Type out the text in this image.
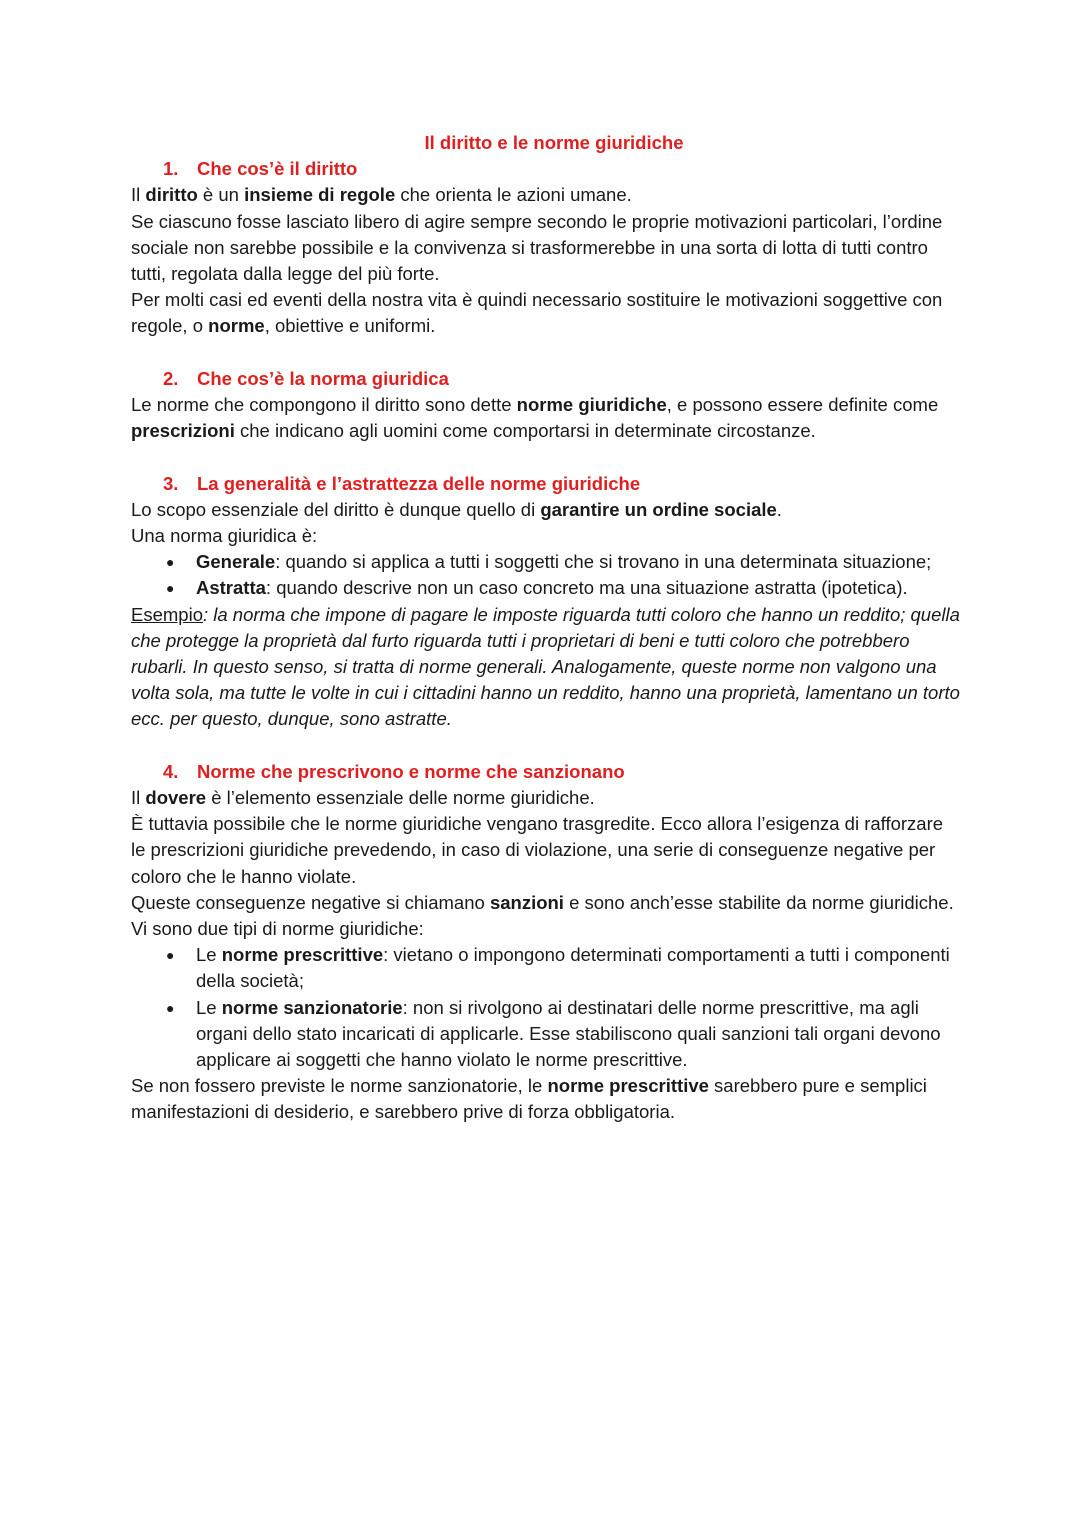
Il diritto e le norme giuridiche

1. Che cos’è il diritto

Il diritto è un insieme di regole che orienta le azioni umane.

Se ciascuno fosse lasciato libero di agire sempre secondo le proprie motivazioni particolari, l’ordine sociale non sarebbe possibile e la convivenza si trasformerebbe in una sorta di lotta di tutti contro tutti, regolata dalla legge del più forte.

Per molti casi ed eventi della nostra vita è quindi necessario sostituire le motivazioni soggettive con regole, o norme, obiettive e uniformi.

2. Che cos’è la norma giuridica

Le norme che compongono il diritto sono dette norme giuridiche, e possono essere definite come prescrizioni che indicano agli uomini come comportarsi in determinate circostanze.

3. La generalità e l’astrattezza delle norme giuridiche

Lo scopo essenziale del diritto è dunque quello di garantire un ordine sociale.

Una norma giuridica è:

● Generale: quando si applica a tutti i soggetti che si trovano in una determinata situazione;
● Astratta: quando descrive non un caso concreto ma una situazione astratta (ipotetica).

Esempio: la norma che impone di pagare le imposte riguarda tutti coloro che hanno un reddito; quella che protegge la proprietà dal furto riguarda tutti i proprietari di beni e tutti coloro che potrebbero rubarli. In questo senso, si tratta di norme generali. Analogamente, queste norme non valgono una volta sola, ma tutte le volte in cui i cittadini hanno un reddito, hanno una proprietà, lamentano un torto ecc. per questo, dunque, sono astratte.

4. Norme che prescrivono e norme che sanzionano

Il dovere è l’elemento essenziale delle norme giuridiche.

È tuttavia possibile che le norme giuridiche vengano trasgredite. Ecco allora l’esigenza di rafforzare le prescrizioni giuridiche prevedendo, in caso di violazione, una serie di conseguenze negative per coloro che le hanno violate.

Queste conseguenze negative si chiamano sanzioni e sono anch’esse stabilite da norme giuridiche.

Vi sono due tipi di norme giuridiche:

● Le norme prescrittive: vietano o impongono determinati comportamenti a tutti i componenti della società;
● Le norme sanzionatorie: non si rivolgono ai destinatari delle norme prescrittive, ma agli organi dello stato incaricati di applicarle. Esse stabiliscono quali sanzioni tali organi devono applicare ai soggetti che hanno violato le norme prescrittive.

Se non fossero previste le norme sanzionatorie, le norme prescrittive sarebbero pure e semplici manifestazioni di desiderio, e sarebbero prive di forza obbligatoria.
